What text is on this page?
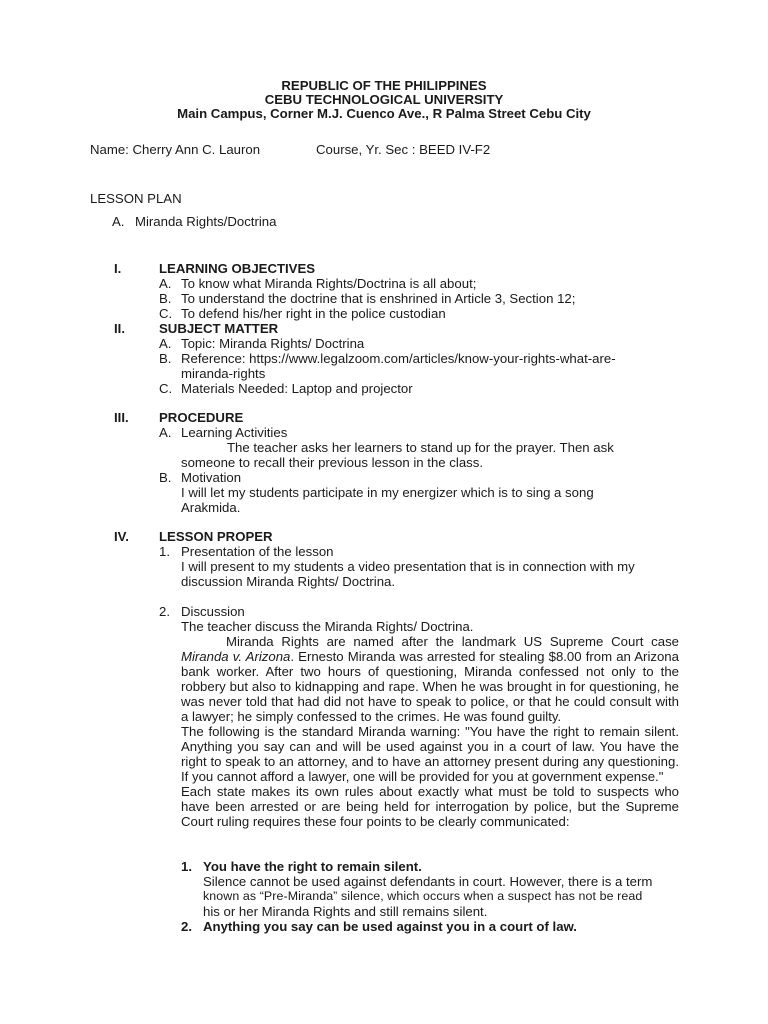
REPUBLIC OF THE PHILIPPINES
CEBU TECHNOLOGICAL UNIVERSITY
Main Campus, Corner M.J. Cuenco Ave., R Palma Street Cebu City
Name: Cherry Ann C. Lauron	Course, Yr. Sec : BEED IV-F2
LESSON PLAN
A. Miranda Rights/Doctrina
I.	LEARNING OBJECTIVES
A. To know what Miranda Rights/Doctrina is all about;
B. To understand the doctrine that is enshrined in Article 3, Section 12;
C. To defend his/her right in the police custodian
II.	SUBJECT MATTER
A. Topic: Miranda Rights/ Doctrina
B. Reference: https://www.legalzoom.com/articles/know-your-rights-what-are-
miranda-rights
C. Materials Needed: Laptop and projector
III. PROCEDURE
A. Learning Activities
The teacher asks her learners to stand up for the prayer. Then ask
someone to recall their previous lesson in the class.
B. Motivation
I will let my students participate in my energizer which is to sing a song
Arakmida.
IV. LESSON PROPER
1. Presentation of the lesson
I will present to my students a video presentation that is in connection with my
discussion Miranda Rights/ Doctrina.
2. Discussion
The teacher discuss the Miranda Rights/ Doctrina.

Miranda Rights are named after the landmark US Supreme Court case Miranda v. Arizona. Ernesto Miranda was arrested for stealing $8.00 from an Arizona bank worker. After two hours of questioning, Miranda confessed not only to the robbery but also to kidnapping and rape. When he was brought in for questioning, he was never told that had did not have to speak to police, or that he could consult with a lawyer; he simply confessed to the crimes. He was found guilty.

The following is the standard Miranda warning: "You have the right to remain silent. Anything you say can and will be used against you in a court of law. You have the right to speak to an attorney, and to have an attorney present during any questioning. If you cannot afford a lawyer, one will be provided for you at government expense."

Each state makes its own rules about exactly what must be told to suspects who have been arrested or are being held for interrogation by police, but the Supreme Court ruling requires these four points to be clearly communicated:

1. You have the right to remain silent.
Silence cannot be used against defendants in court. However, there is a term
known as “Pre-Miranda” silence, which occurs when a suspect has not be read
his or her Miranda Rights and still remains silent.
2. Anything you say can be used against you in a court of law.
